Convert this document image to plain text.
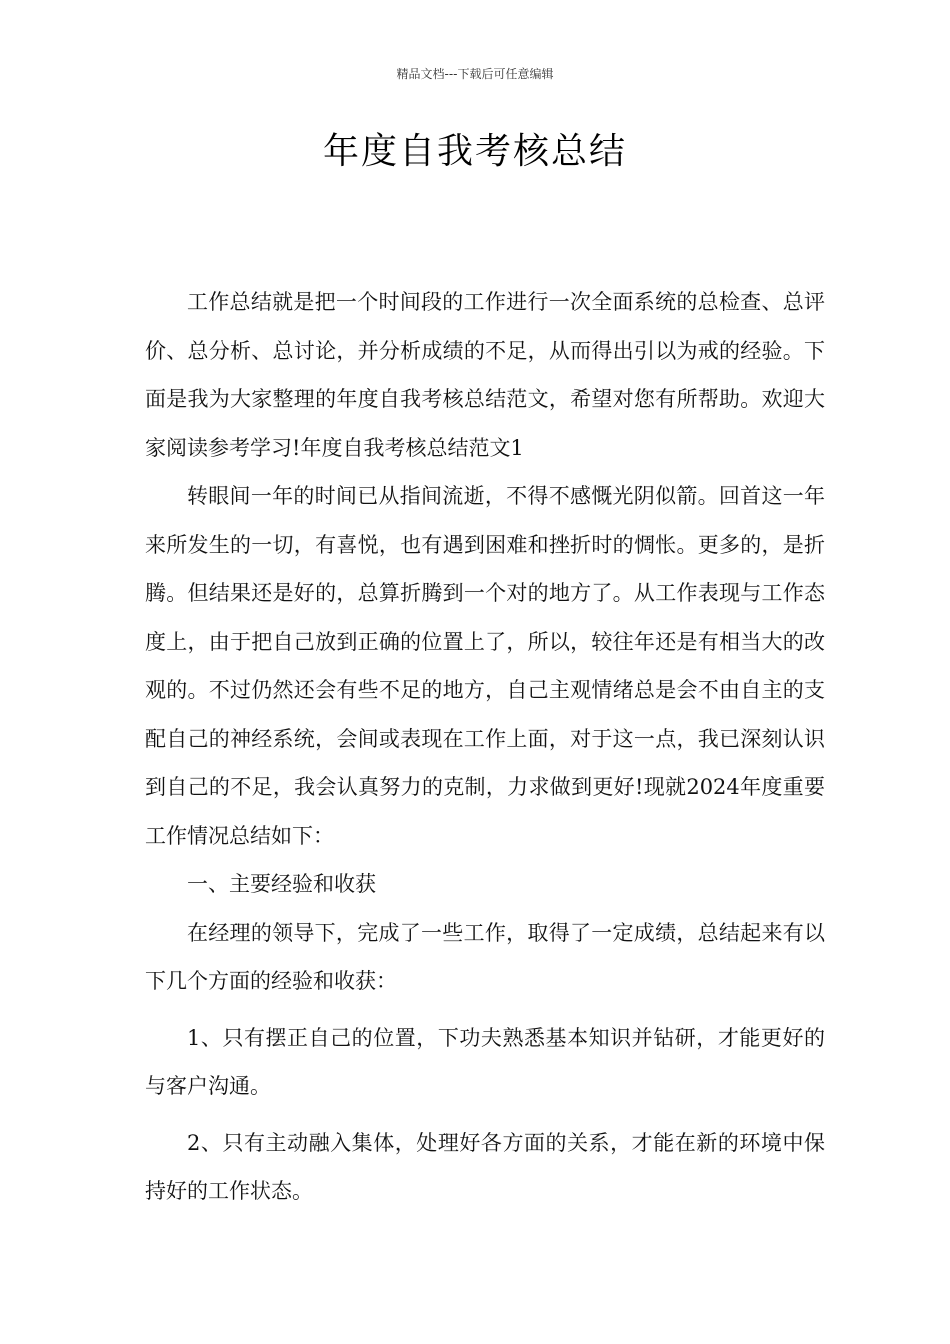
精品文档---下载后可任意编辑
年度自我考核总结

工作总结就是把一个时间段的工作进行一次全面系统的总检查、总评价、总分析、总讨论，并分析成绩的不足，从而得出引以为戒的经验。下面是我为大家整理的年度自我考核总结范文，希望对您有所帮助。欢迎大家阅读参考学习!年度自我考核总结范文1

转眼间一年的时间已从指间流逝，不得不感慨光阴似箭。回首这一年来所发生的一切，有喜悦，也有遇到困难和挫折时的惆怅。更多的，是折腾。但结果还是好的，总算折腾到一个对的地方了。从工作表现与工作态度上，由于把自己放到正确的位置上了，所以，较往年还是有相当大的改观的。不过仍然还会有些不足的地方，自己主观情绪总是会不由自主的支配自己的神经系统，会间或表现在工作上面，对于这一点，我已深刻认识到自己的不足，我会认真努力的克制，力求做到更好!现就2024年度重要工作情况总结如下：

一、主要经验和收获

在经理的领导下，完成了一些工作，取得了一定成绩，总结起来有以下几个方面的经验和收获：

1、只有摆正自己的位置，下功夫熟悉基本知识并钻研，才能更好的与客户沟通。

2、只有主动融入集体，处理好各方面的关系，才能在新的环境中保持好的工作状态。
